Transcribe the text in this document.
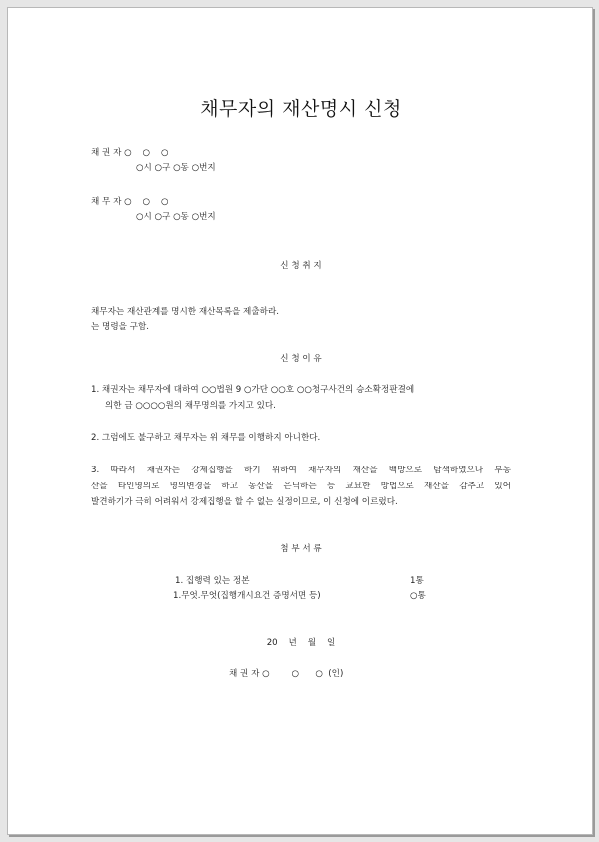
채무자의 재산명시 신청
채 권 자 ○    ○    ○
○시 ○구 ○동 ○번지
채 무 자 ○    ○    ○
○시 ○구 ○동 ○번지
신 청 취 지
채무자는 재산관계를 명시한 재산목록을 제출하라.
는 명령을 구함.
신 청 이 유
1. 채권자는 채무자에 대하여 ○○법원 9 ○가단 ○○호 ○○청구사건의 승소확정판결에
의한 금 ○○○○원의 채무명의를 가지고 있다.
2. 그럼에도 불구하고 채무자는 위 채무를 이행하지 아니한다.
3. 따라서 채권자는 강제집행을 하기 위하여 채무자의 재산을 백방으로 탐색하였으나 부동
산을 타인명의로 명의변경을 하고 동산을 은닉하는 등 교묘한 방법으로 재산을 감추고 있어
발견하기가 극히 어려워서 강제집행을 할 수 없는 실정이므로, 이 신청에 이르렀다.
첨 부 서 류
1. 집행력 있는 정본	1통
1.무엇.무엇(집행개시요건 증명서면 등)	○통
20    년    월    일
채 권 자 ○        ○      ○  (인)
